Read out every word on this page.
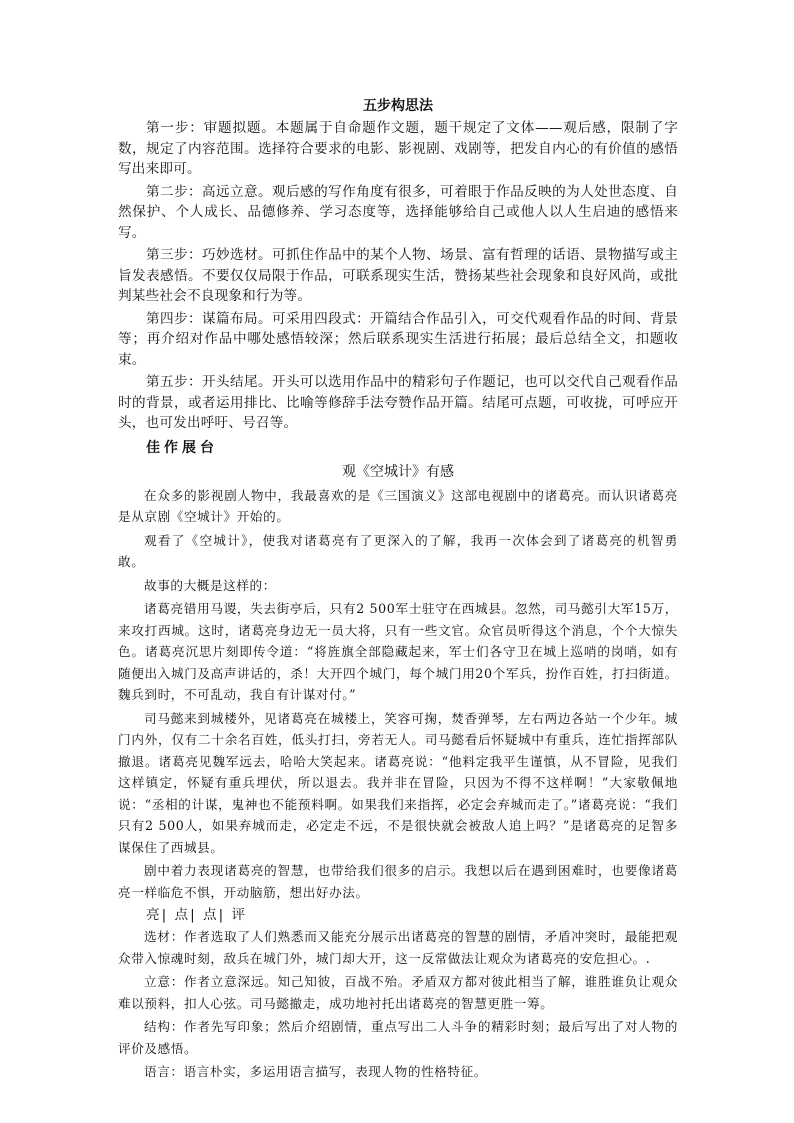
五步构思法
第一步：审题拟题。本题属于自命题作文题，题干规定了文体——观后感，限制了字数，规定了内容范围。选择符合要求的电影、影视剧、戏剧等，把发自内心的有价值的感悟写出来即可。
第二步：高远立意。观后感的写作角度有很多，可着眼于作品反映的为人处世态度、自然保护、个人成长、品德修养、学习态度等，选择能够给自己或他人以人生启迪的感悟来写。
第三步：巧妙选材。可抓住作品中的某个人物、场景、富有哲理的话语、景物描写或主旨发表感悟。不要仅仅局限于作品，可联系现实生活，赞扬某些社会现象和良好风尚，或批判某些社会不良现象和行为等。
第四步：谋篇布局。可采用四段式：开篇结合作品引入，可交代观看作品的时间、背景等；再介绍对作品中哪处感悟较深；然后联系现实生活进行拓展；最后总结全文，扣题收束。
第五步：开头结尾。开头可以选用作品中的精彩句子作题记，也可以交代自己观看作品时的背景，或者运用排比、比喻等修辞手法夸赞作品开篇。结尾可点题，可收拢，可呼应开头，也可发出呼吁、号召等。
佳作展台
观《空城计》有感
在众多的影视剧人物中，我最喜欢的是《三国演义》这部电视剧中的诸葛亮。而认识诸葛亮是从京剧《空城计》开始的。
观看了《空城计》，使我对诸葛亮有了更深入的了解，我再一次体会到了诸葛亮的机智勇敢。
故事的大概是这样的：
诸葛亮错用马谡，失去街亭后，只有2 500军士驻守在西城县。忽然，司马懿引大军15万，来攻打西城。这时，诸葛亮身边无一员大将，只有一些文官。众官员听得这个消息，个个大惊失色。诸葛亮沉思片刻即传令道：“将旌旗全部隐藏起来，军士们各守卫在城上巡哨的岗哨，如有随便出入城门及高声讲话的，杀！大开四个城门，每个城门用20个军兵，扮作百姓，打扫街道。魏兵到时，不可乱动，我自有计谋对付。”
司马懿来到城楼外，见诸葛亮在城楼上，笑容可掬，焚香弹琴，左右两边各站一个少年。城门内外，仅有二十余名百姓，低头打扫，旁若无人。司马懿看后怀疑城中有重兵，连忙指挥部队撤退。诸葛亮见魏军远去，哈哈大笑起来。诸葛亮说：“他料定我平生谨慎，从不冒险，见我们这样镇定，怀疑有重兵埋伏，所以退去。我并非在冒险，只因为不得不这样啊！”大家敬佩地说：“丞相的计谋，鬼神也不能预料啊。如果我们来指挥，必定会弃城而走了。”诸葛亮说：“我们只有2 500人，如果弃城而走，必定走不远，不是很快就会被敌人追上吗？”是诸葛亮的足智多谋保住了西城县。
剧中着力表现诸葛亮的智慧，也带给我们很多的启示。我想以后在遇到困难时，也要像诸葛亮一样临危不惧，开动脑筋，想出好办法。
亮| 点| 点| 评
选材：作者选取了人们熟悉而又能充分展示出诸葛亮的智慧的剧情，矛盾冲突时，最能把观众带入惊魂时刻，敌兵在城门外，城门却大开，这一反常做法让观众为诸葛亮的安危担心。.
立意：作者立意深远。知己知彼，百战不殆。矛盾双方都对彼此相当了解，谁胜谁负让观众难以预料，扣人心弦。司马懿撤走，成功地衬托出诸葛亮的智慧更胜一筹。
结构：作者先写印象；然后介绍剧情，重点写出二人斗争的精彩时刻；最后写出了对人物的评价及感悟。
语言：语言朴实，多运用语言描写，表现人物的性格特征。
